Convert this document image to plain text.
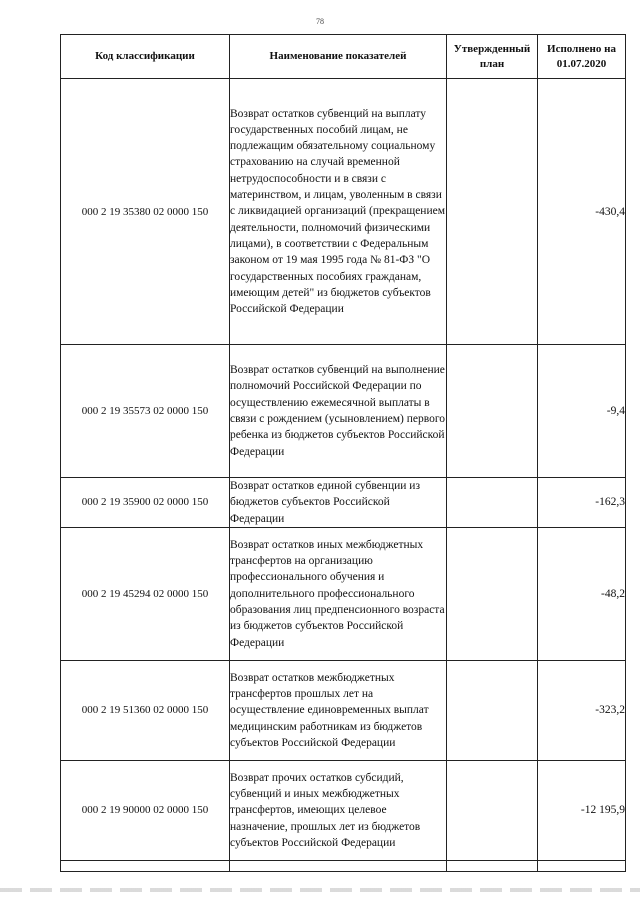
78
Код классификации	Наименование показателей	Утвержденный план	Исполнено на 01.07.2020
000 2 19 35380 02 0000 150	Возврат остатков субвенций на выплату государственных пособий лицам, не подлежащим обязательному социальному страхованию на случай временной нетрудоспособности и в связи с материнством, и лицам, уволенным в связи с ликвидацией организаций (прекращением деятельности, полномочий физическими лицами), в соответствии с Федеральным законом от 19 мая 1995 года № 81-ФЗ "О государственных пособиях гражданам, имеющим детей" из бюджетов субъектов Российской Федерации		-430,4
000 2 19 35573 02 0000 150	Возврат остатков субвенций на выполнение полномочий Российской Федерации по осуществлению ежемесячной выплаты в связи с рождением (усыновлением) первого ребенка из бюджетов субъектов Российской Федерации		-9,4
000 2 19 35900 02 0000 150	Возврат остатков единой субвенции из бюджетов субъектов Российской Федерации		-162,3
000 2 19 45294 02 0000 150	Возврат остатков иных межбюджетных трансфертов на организацию профессионального обучения и дополнительного профессионального образования лиц предпенсионного возраста из бюджетов субъектов Российской Федерации		-48,2
000 2 19 51360 02 0000 150	Возврат остатков межбюджетных трансфертов прошлых лет на осуществление единовременных выплат медицинским работникам из бюджетов субъектов Российской Федерации		-323,2
000 2 19 90000 02 0000 150	Возврат прочих остатков субсидий, субвенций и иных межбюджетных трансфертов, имеющих целевое назначение, прошлых лет из бюджетов субъектов Российской Федерации		-12 195,9
